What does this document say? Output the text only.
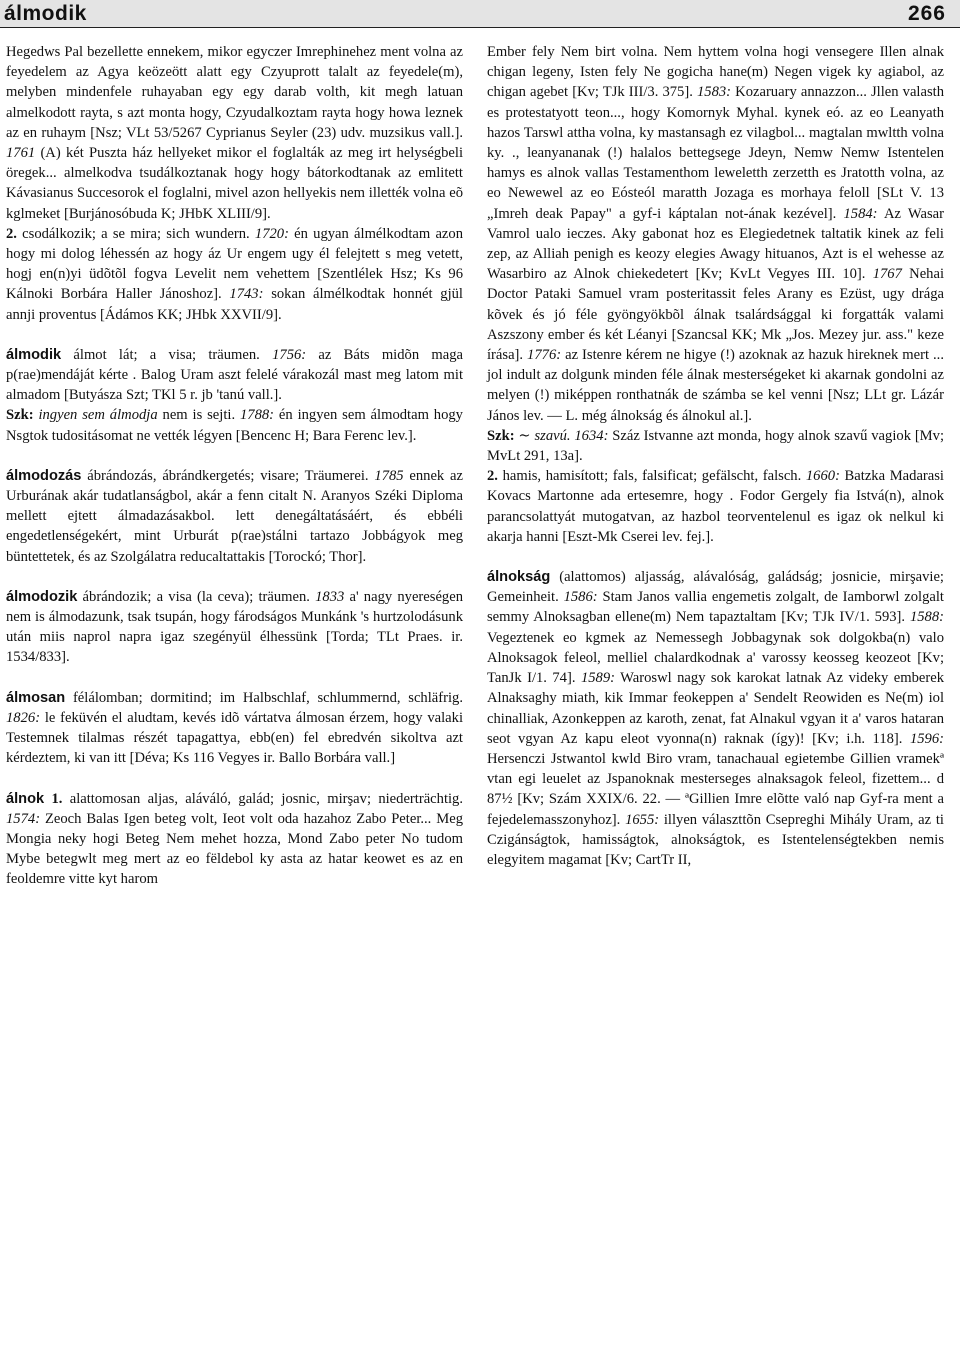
álmodik	266

Hegedws Pal bezellette ennekem, mikor egyczer Imrephinehez ment volna az feyedelem az Agya keözeött alatt egy Czyuprott talalt az feyedele(m), melyben mindenfele ruhayaban egy egy darab volth, kit megh latuan almelkodott rayta, s azt monta hogy, Czyudalkoztam rayta hogy howa leznek az en ruhaym [Nsz; VLt 53/5267 Cyprianus Seyler (23) udv. muzsikus vall.]. 1761 (A) két Puszta ház hellyeket mikor el foglalták az meg irt helységbeli öregek... almelkodva tsudálkoztanak hogy hogy bátorkodtanak az emlitett Kávasianus Succesorok el foglalni, mivel azon hellyekis nem illették volna eõ kglmeket [Burjánosóbuda K; JHbK XLIII/9].

2. csodálkozik; a se mira; sich wundern. 1720: én ugyan álmélkodtam azon hogy mi dolog léhessén az hogy áz Ur engem ugy él felejtett s meg vetett, hogj en(n)yi üdõtõl fogva Levelit nem vehettem [Szentlélek Hsz; Ks 96 Kálnoki Borbára Haller Jánoshoz]. 1743: sokan álmélkodtak honnét gjül annji proventus [Ádámos KK; JHbk XXVII/9].

álmodik álmot lát; a visa; träumen. 1756: az Báts midõn maga p(rae)mendáját kérte . Balog Uram aszt felelé várakozál mast meg latom mit almadom [Butyásza Szt; TKl 5 r. jb 'tanú vall.].

Szk: ingyen sem álmodja nem is sejti. 1788: én ingyen sem álmodtam hogy Nsgtok tudositásomat ne vették légyen [Bencenc H; Bara Ferenc lev.].

álmodozás ábrándozás, ábrándkergetés; visare; Träumerei. 1785 ennek az Urburának akár tudatlanságbol, akár a fenn citalt N. Aranyos Széki Diploma mellett ejtett álmadazásakbol. lett denegáltatásáért, és ebbéli engedetlenségekért, mint Urburát p(rae)stálni tartazo Jobbágyok meg büntettetek, és az Szolgálatra reducaltattakis [Torockó; Thor].

álmodozik ábrándozik; a visa (la ceva); träumen. 1833 a' nagy nyereségen nem is álmodazunk, tsak tsupán, hogy fárodságos Munkánk 's hurtzolodásunk után miis naprol napra igaz szegényül élhessünk [Torda; TLt Praes. ir. 1534/833].

álmosan félálomban; dormitind; im Halbschlaf, schlummernd, schläfrig. 1826: le feküvén el aludtam, kevés idõ vártatva álmosan érzem, hogy valaki Testemnek tilalmas részét tapagattya, ebb(en) fel ebredvén sikoltva azt kérdeztem, ki van itt [Déva; Ks 116 Vegyes ir. Ballo Borbára vall.]

álnok 1. alattomosan aljas, aláváló, galád; josnic, mirşav; niederträchtig. 1574: Zeoch Balas Igen beteg volt, Ieot volt oda hazahoz Zabo Peter... Meg Mongia neky hogi Beteg Nem mehet hozza, Mond Zabo peter No tudom Mybe betegwlt meg mert az eo fëldebol ky asta az hatar keowet es az en feoldemre vitte kyt harom

Ember fely Nem birt volna. Nem hyttem volna hogi vensegere Illen alnak chigan legeny, Isten fely Ne gogicha hane(m) Negen vigek ky agiabol, az chigan agebet [Kv; TJk III/3. 375]. 1583: Kozaruary annazzon... Jllen valasth es protestatyott teon..., hogy Komornyk Myhal. kynek eó. az eo Leanyath hazos Tarswl attha volna, ky mastansagh ez vilagbol... magtalan mwltth volna ky. ., leanyananak (!) halalos bettegsege Jdeyn, Nemw Nemw Istentelen hamys es alnok vallas Testamenthom leweletth zerzetth es Jratotth volna, az eo Newewel az eo Eósteól maratth Jozaga es morhaya feloll [SLt V. 13 „Imreh deak Papay" a gyf-i káptalan not-ának kezével]. 1584: Az Wasar Vamrol ualo ieczes. Aky gabonat hoz es Elegiedetnek taltatik kinek az feli zep, az Alliah penigh es keozy elegies Awagy hituanos, Azt is el wehesse az Wasarbiro az Alnok chiekedetert [Kv; KvLt Vegyes III. 10]. 1767 Nehai Doctor Pataki Samuel vram posteritassit feles Arany es Ezüst, ugy drága kõvek és jó féle gyöngyökbõl álnak tsalárdsággal ki forgatták valami Aszszony ember és két Léanyi [Szancsal KK; Mk „Jos. Mezey jur. ass." keze írása]. 1776: az Istenre kérem ne higye (!) azoknak az hazuk hireknek mert ... jol indult az dolgunk minden féle álnak mesterségeket ki akarnak gondolni az melyen (!) miképpen ronthatnák de számba se kel venni [Nsz; LLt gr. Lázár János lev. — L. még álnokság és álnokul al.].

Szk: ∼ szavú. 1634: Száz Istvanne azt mondа, hogy alnok szavű vagiok [Mv; MvLt 291, 13a].

2. hamis, hamisított; fals, falsificat; gefälscht, falsch. 1660: Batzka Madarasi Kovacs Martonne ada ertesemre, hogy . Fodor Gergely fia Istvá(n), alnok parancsolattyát mutogatvan, az hazbol teorventelenul es igaz ok nelkul ki akarja hanni [Eszt-Mk Cserei lev. fej.].

álnokság (alattomos) aljasság, alávalóság, galádság; josnicie, mirşavie; Gemeinheit. 1586: Stam Janos vallia engemetis zolgalt, de Iamborwl zolgalt semmy Alnoksagban ellene(m) Nem tapaztaltam [Kv; TJk IV/1. 593]. 1588: Vegeztenek eo kgmek az Nemessegh Jobbagynak sok dolgokba(n) valo Alnoksagok feleol, melliel chalardkodnak a' varossy keosseg keozeot [Kv; TanJk I/1. 74]. 1589: Waroswl nagy sok karokat latnak Az videky emberek Alnaksaghy miath, kik Immar feokeppen a' Sendelt Reowiden es Ne(m) iol chinalliak, Azonkeppen az karoth, zenat, fat Alnakul vgyan it a' varos hataran seot vgyan Az kapu eleot vyonna(n) raknak (így)! [Kv; i.h. 118]. 1596: Hersenczi Jstwantol kwld Biro vram, tanachaual egietembe Gillien vramekª vtan egi leuelet az Jspanoknak mesterseges alnaksagok feleol, fizettem... d 87½ [Kv; Szám XXIX/6. 22. — ªGillien Imre elõtte való nap Gyf-ra ment a fejedelemasszonyhoz]. 1655: illyen választtõn Csepreghi Mihály Uram, az ti Czigánságtok, hamisságtok, alnokságtok, es Istentelenségtekben nemis elegyitem magamat [Kv; CartTr II,
